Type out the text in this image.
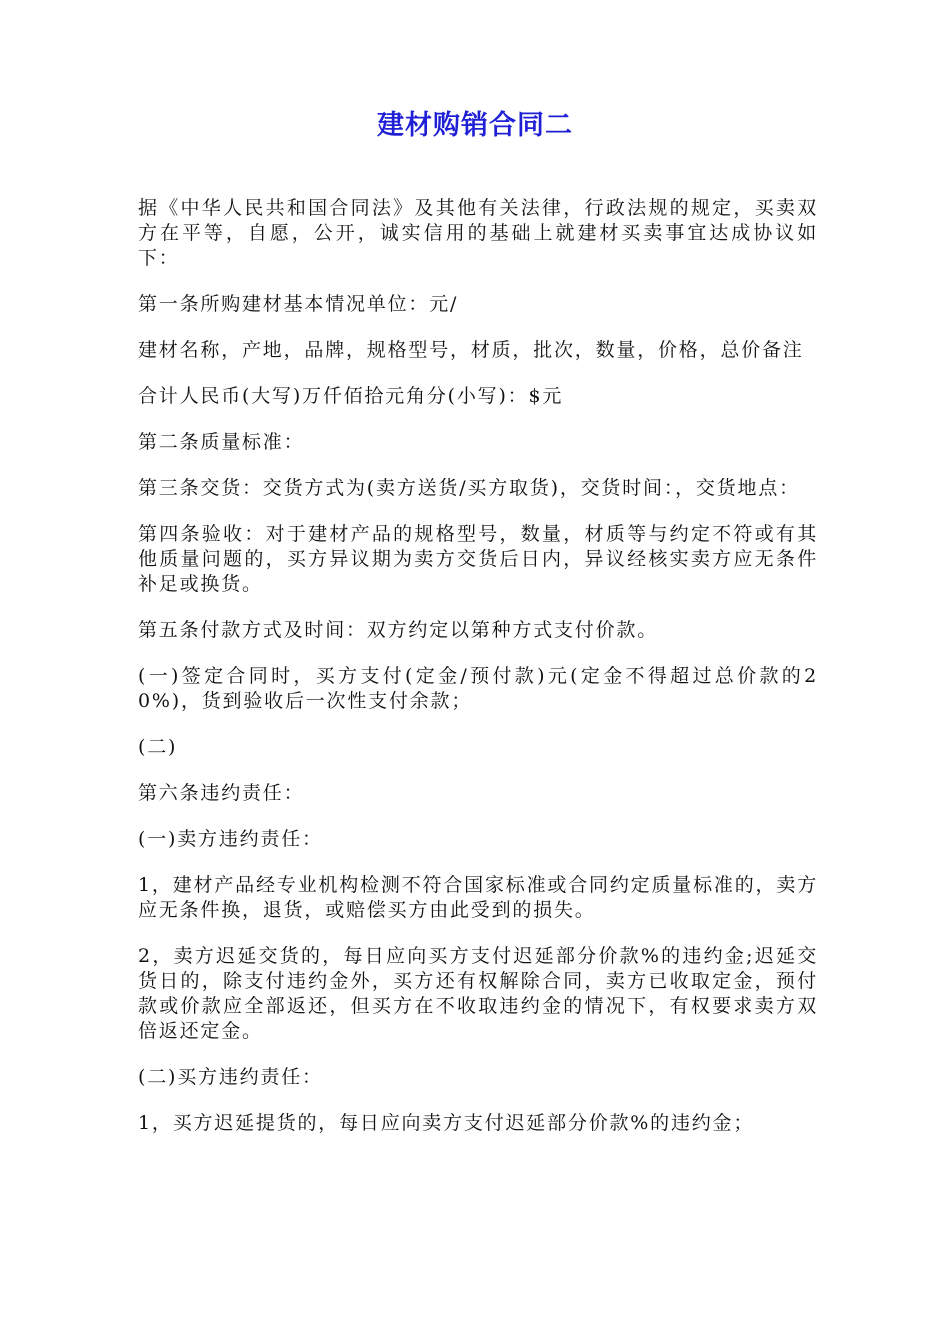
建材购销合同二

据《中华人民共和国合同法》及其他有关法律，行政法规的规定，买卖双方在平等，自愿，公开，诚实信用的基础上就建材买卖事宜达成协议如下：

第一条所购建材基本情况单位：元/

建材名称，产地，品牌，规格型号，材质，批次，数量，价格，总价备注

合计人民币(大写)万仟佰拾元角分(小写)：$元

第二条质量标准：

第三条交货：交货方式为(卖方送货/买方取货)，交货时间：，交货地点：

第四条验收：对于建材产品的规格型号，数量，材质等与约定不符或有其他质量问题的，买方异议期为卖方交货后日内，异议经核实卖方应无条件补足或换货。

第五条付款方式及时间：双方约定以第种方式支付价款。

(一)签定合同时，买方支付(定金/预付款)元(定金不得超过总价款的20%)，货到验收后一次性支付余款；

(二)

第六条违约责任：

(一)卖方违约责任：

1，建材产品经专业机构检测不符合国家标准或合同约定质量标准的，卖方应无条件换，退货，或赔偿买方由此受到的损失。

2，卖方迟延交货的，每日应向买方支付迟延部分价款%的违约金;迟延交货日的，除支付违约金外，买方还有权解除合同，卖方已收取定金，预付款或价款应全部返还，但买方在不收取违约金的情况下，有权要求卖方双倍返还定金。

(二)买方违约责任：

1，买方迟延提货的，每日应向卖方支付迟延部分价款%的违约金；
